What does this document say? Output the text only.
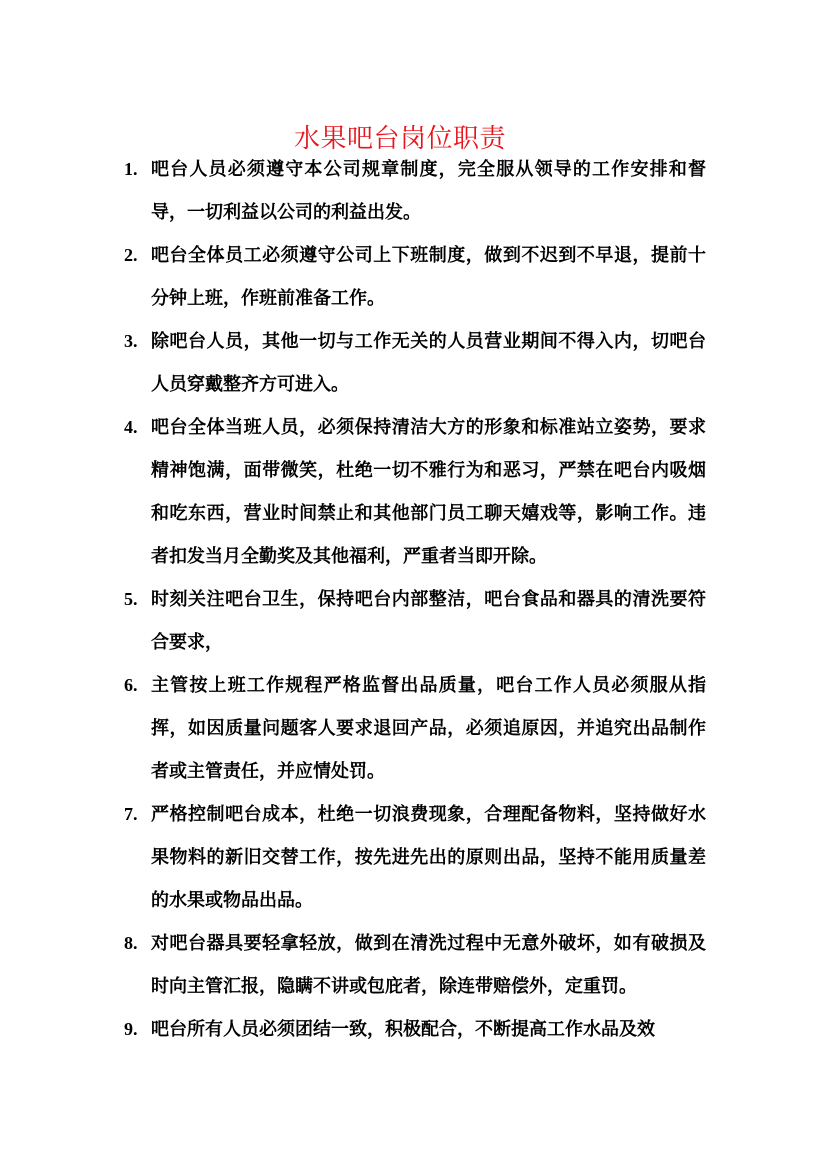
水果吧台岗位职责
1. 吧台人员必须遵守本公司规章制度，完全服从领导的工作安排和督导，一切利益以公司的利益出发。
2. 吧台全体员工必须遵守公司上下班制度，做到不迟到不早退，提前十分钟上班，作班前准备工作。
3. 除吧台人员，其他一切与工作无关的人员营业期间不得入内，切吧台人员穿戴整齐方可进入。
4. 吧台全体当班人员，必须保持清洁大方的形象和标准站立姿势，要求精神饱满，面带微笑，杜绝一切不雅行为和恶习，严禁在吧台内吸烟和吃东西，营业时间禁止和其他部门员工聊天嬉戏等，影响工作。违者扣发当月全勤奖及其他福利，严重者当即开除。
5. 时刻关注吧台卫生，保持吧台内部整洁，吧台食品和器具的清洗要符合要求，
6. 主管按上班工作规程严格监督出品质量，吧台工作人员必须服从指挥，如因质量问题客人要求退回产品，必须追原因，并追究出品制作者或主管责任，并应情处罚。
7. 严格控制吧台成本，杜绝一切浪费现象，合理配备物料，坚持做好水果物料的新旧交替工作，按先进先出的原则出品，坚持不能用质量差的水果或物品出品。
8. 对吧台器具要轻拿轻放，做到在清洗过程中无意外破坏，如有破损及时向主管汇报，隐瞒不讲或包庇者，除连带赔偿外，定重罚。
9. 吧台所有人员必须团结一致，积极配合，不断提高工作水品及效
